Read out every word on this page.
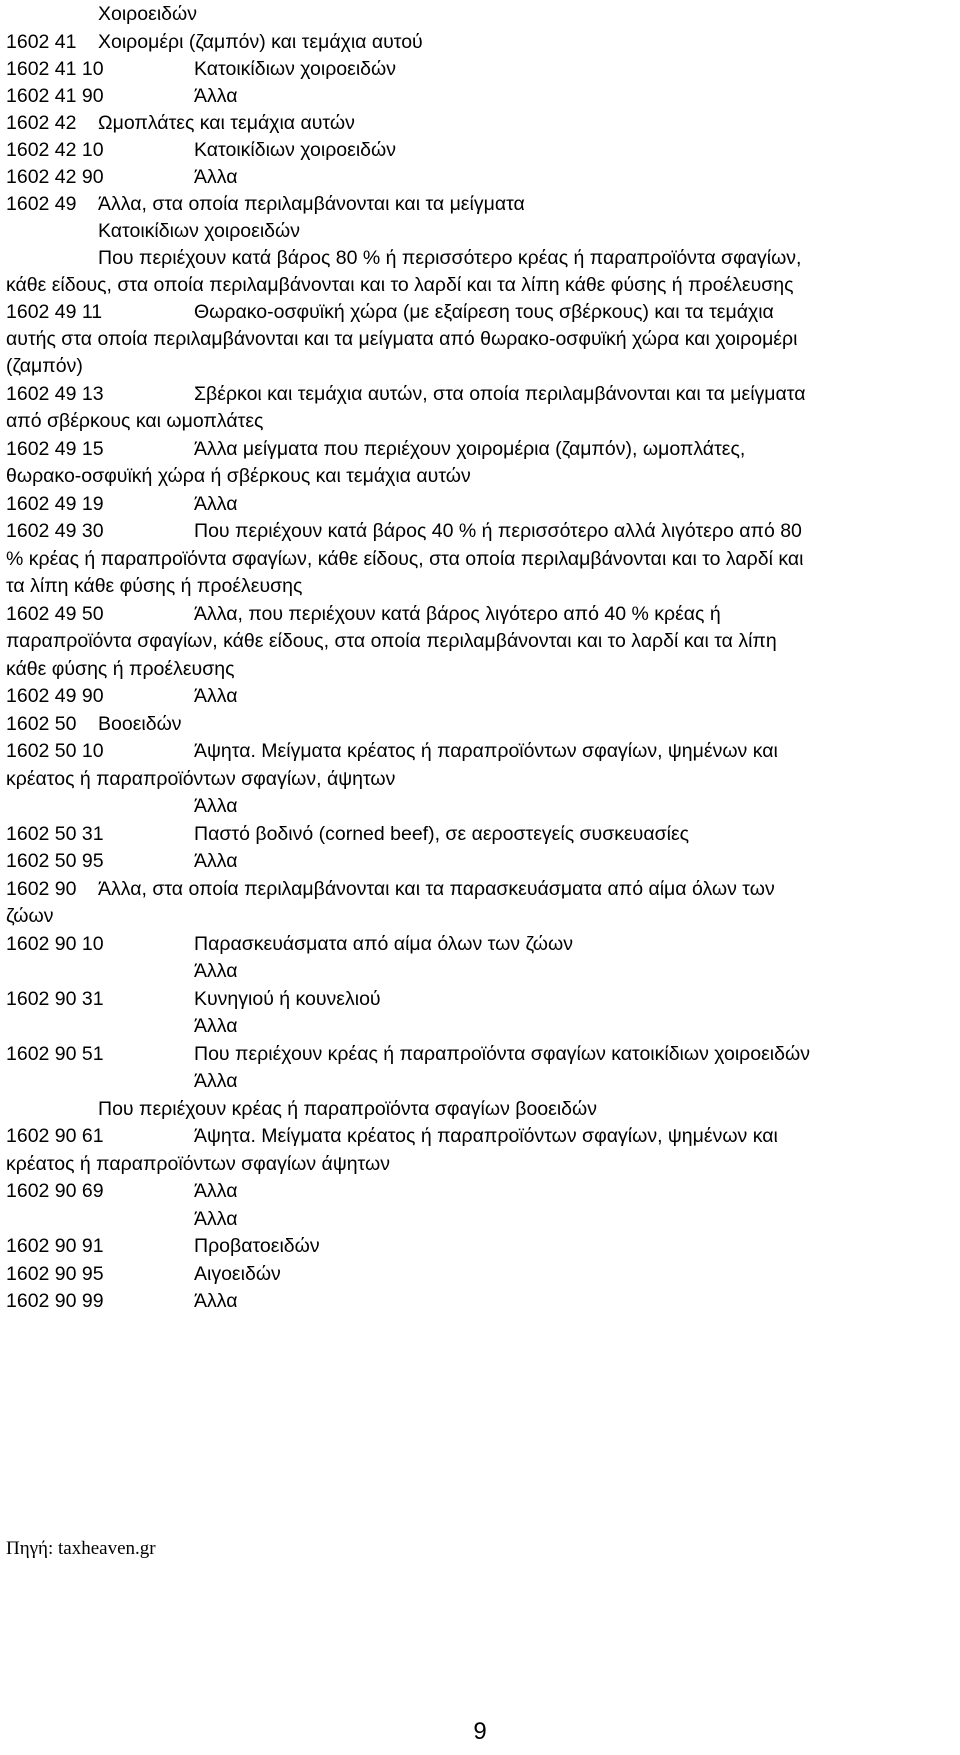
Χοιροειδών
1602 41 Χοιρομέρι (ζαμπόν) και τεμάχια αυτού
1602 41 10	Κατοικίδιων χοιροειδών
1602 41 90	Άλλα
1602 42 Ωμοπλάτες και τεμάχια αυτών
1602 42 10	Κατοικίδιων χοιροειδών
1602 42 90	Άλλα
1602 49 Άλλα, στα οποία περιλαμβάνονται και τα μείγματα
Κατοικίδιων χοιροειδών
Που περιέχουν κατά βάρος 80 % ή περισσότερο κρέας ή παραπροϊόντα σφαγίων,
κάθε είδους, στα οποία περιλαμβάνονται και το λαρδί και τα λίπη κάθε φύσης ή προέλευσης
1602 49 11	Θωρακο-οσφυϊκή χώρα (με εξαίρεση τους σβέρκους) και τα τεμάχια
αυτής στα οποία περιλαμβάνονται και τα μείγματα από θωρακο-οσφυϊκή χώρα και χοιρομέρι
(ζαμπόν)
1602 49 13	Σβέρκοι και τεμάχια αυτών, στα οποία περιλαμβάνονται και τα μείγματα
από σβέρκους και ωμοπλάτες
1602 49 15	Άλλα μείγματα που περιέχουν χοιρομέρια (ζαμπόν), ωμοπλάτες,
θωρακο-οσφυϊκή χώρα ή σβέρκους και τεμάχια αυτών
1602 49 19	Άλλα
1602 49 30	Που περιέχουν κατά βάρος 40 % ή περισσότερο αλλά λιγότερο από 80
% κρέας ή παραπροϊόντα σφαγίων, κάθε είδους, στα οποία περιλαμβάνονται και το λαρδί και
τα λίπη κάθε φύσης ή προέλευσης
1602 49 50	Άλλα, που περιέχουν κατά βάρος λιγότερο από 40 % κρέας ή
παραπροϊόντα σφαγίων, κάθε είδους, στα οποία περιλαμβάνονται και το λαρδί και τα λίπη
κάθε φύσης ή προέλευσης
1602 49 90	Άλλα
1602 50 Βοοειδών
1602 50 10	Άψητα. Μείγματα κρέατος ή παραπροϊόντων σφαγίων, ψημένων και
κρέατος ή παραπροϊόντων σφαγίων, άψητων
Άλλα
1602 50 31	Παστό βοδινό (corned beef), σε αεροστεγείς συσκευασίες
1602 50 95	Άλλα
1602 90 Άλλα, στα οποία περιλαμβάνονται και τα παρασκευάσματα από αίμα όλων των
ζώων
1602 90 10	Παρασκευάσματα από αίμα όλων των ζώων
Άλλα
1602 90 31	Κυνηγιού ή κουνελιού
Άλλα
1602 90 51	Που περιέχουν κρέας ή παραπροϊόντα σφαγίων κατοικίδιων χοιροειδών
Άλλα
Που περιέχουν κρέας ή παραπροϊόντα σφαγίων βοοειδών
1602 90 61	Άψητα. Μείγματα κρέατος ή παραπροϊόντων σφαγίων, ψημένων και
κρέατος ή παραπροϊόντων σφαγίων άψητων
1602 90 69	Άλλα
Άλλα
1602 90 91	Προβατοειδών
1602 90 95	Αιγοειδών
1602 90 99	Άλλα
Πηγή: taxheaven.gr
9
